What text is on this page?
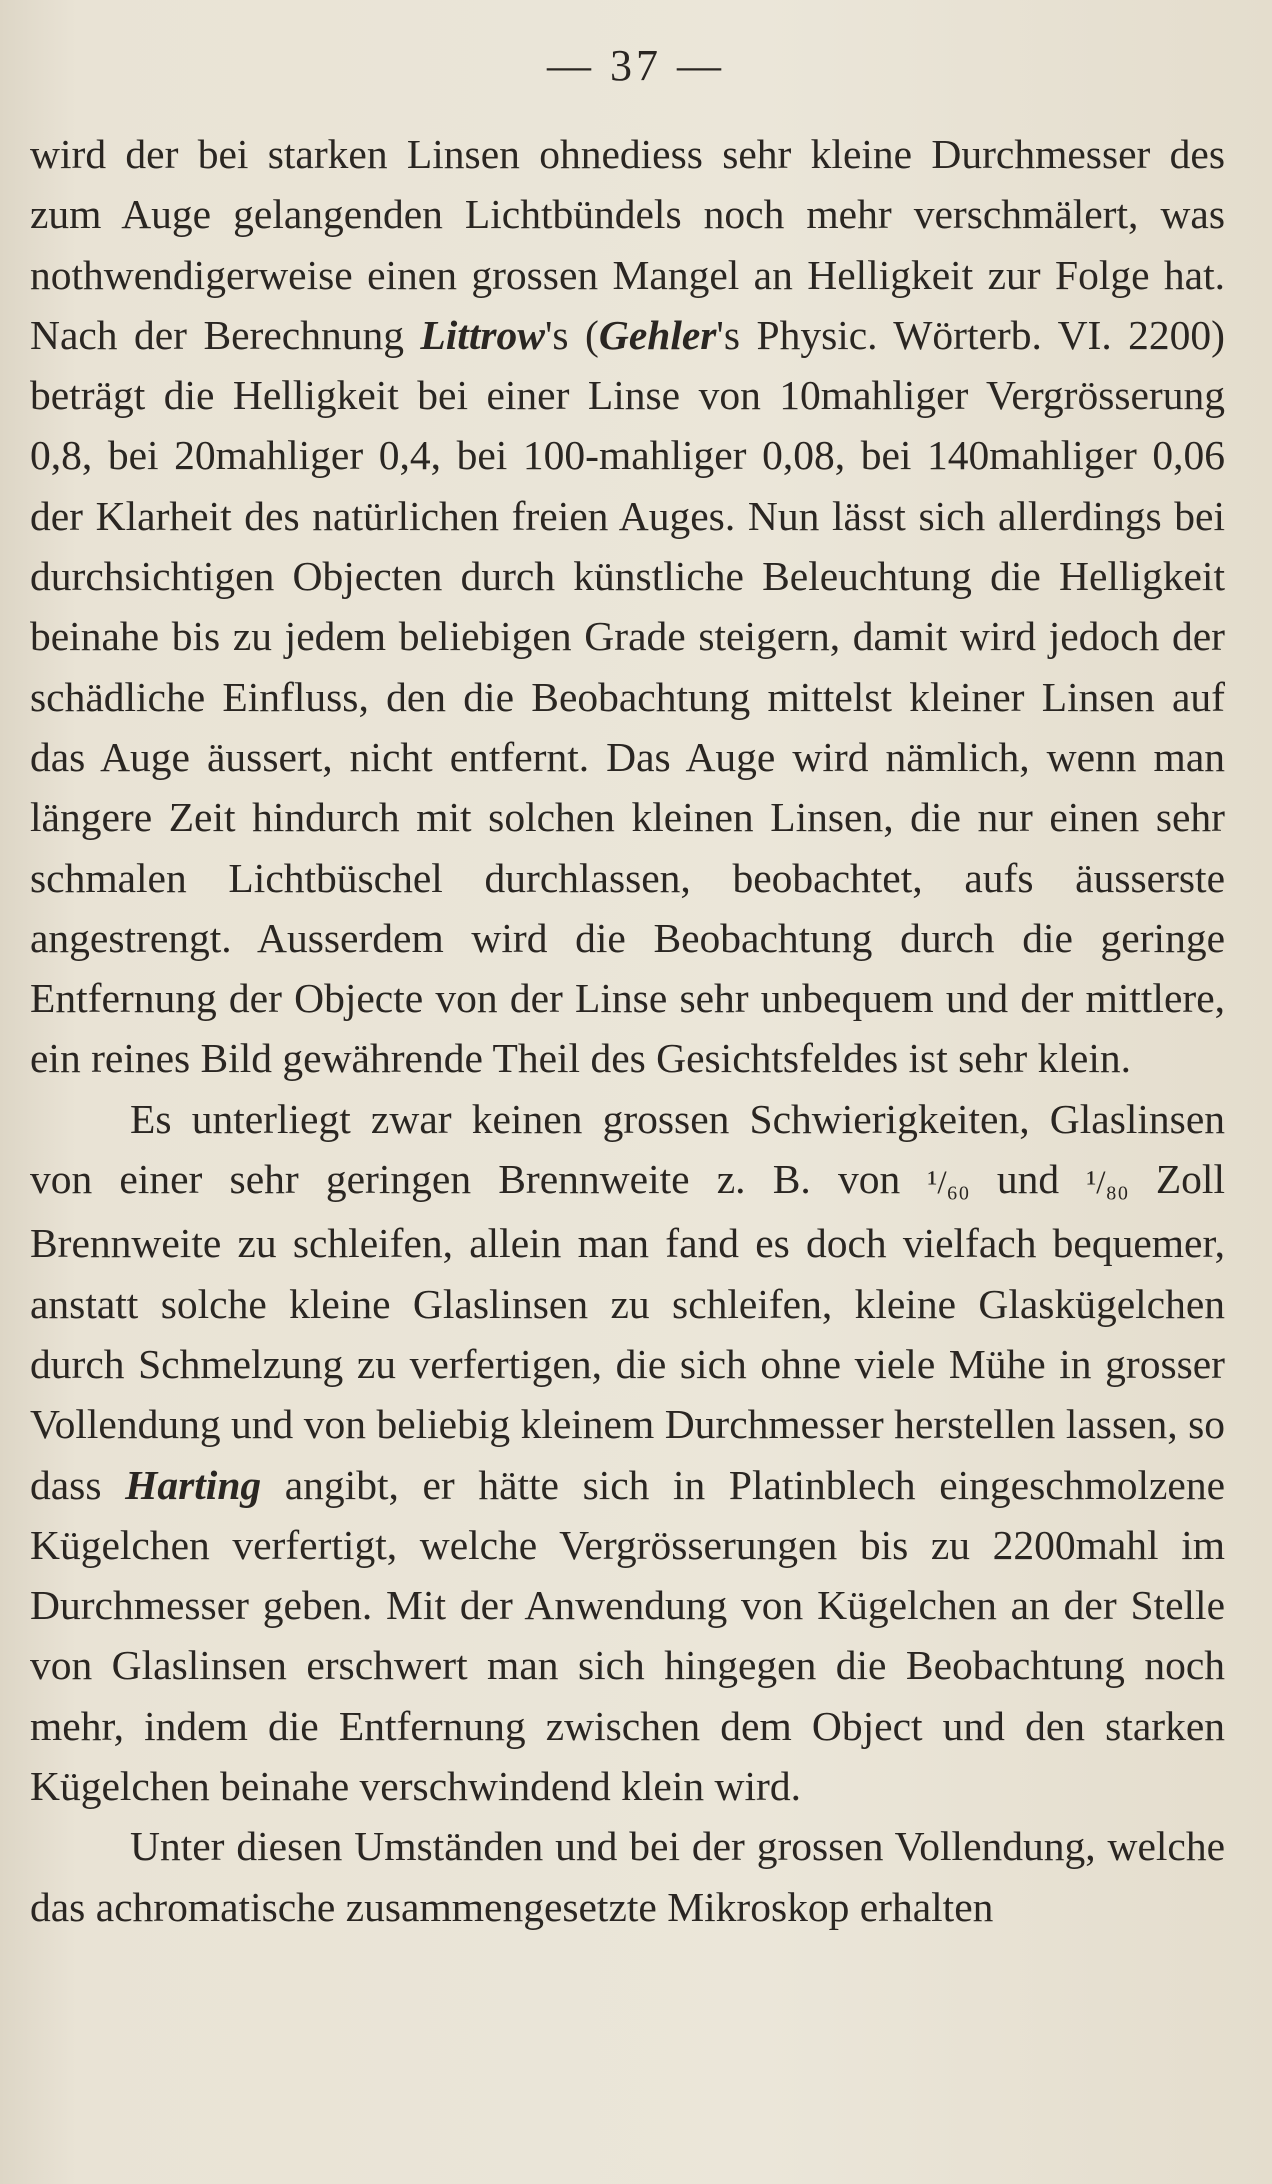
— 37 —

wird der bei starken Linsen ohnediess sehr kleine Durchmesser des zum Auge gelangenden Lichtbündels noch mehr verschmälert, was nothwendigerweise einen grossen Mangel an Helligkeit zur Folge hat. Nach der Berechnung Littrow's (Gehler's Physic. Wörterb. VI. 2200) beträgt die Helligkeit bei einer Linse von 10mahliger Vergrösserung 0,8, bei 20mahliger 0,4, bei 100-mahliger 0,08, bei 140mahliger 0,06 der Klarheit des natürlichen freien Auges. Nun lässt sich allerdings bei durchsichtigen Objecten durch künstliche Beleuchtung die Helligkeit beinahe bis zu jedem beliebigen Grade steigern, damit wird jedoch der schädliche Einfluss, den die Beobachtung mittelst kleiner Linsen auf das Auge äussert, nicht entfernt. Das Auge wird nämlich, wenn man längere Zeit hindurch mit solchen kleinen Linsen, die nur einen sehr schmalen Lichtbüschel durchlassen, beobachtet, aufs äusserste angestrengt. Ausserdem wird die Beobachtung durch die geringe Entfernung der Objecte von der Linse sehr unbequem und der mittlere, ein reines Bild gewährende Theil des Gesichtsfeldes ist sehr klein.

Es unterliegt zwar keinen grossen Schwierigkeiten, Glaslinsen von einer sehr geringen Brennweite z. B. von ¹/₆₀ und ¹/₈₀ Zoll Brennweite zu schleifen, allein man fand es doch vielfach bequemer, anstatt solche kleine Glaslinsen zu schleifen, kleine Glaskügelchen durch Schmelzung zu verfertigen, die sich ohne viele Mühe in grosser Vollendung und von beliebig kleinem Durchmesser herstellen lassen, so dass Harting angibt, er hätte sich in Platinblech eingeschmolzene Kügelchen verfertigt, welche Vergrösserungen bis zu 2200mahl im Durchmesser geben. Mit der Anwendung von Kügelchen an der Stelle von Glaslinsen erschwert man sich hingegen die Beobachtung noch mehr, indem die Entfernung zwischen dem Object und den starken Kügelchen beinahe verschwindend klein wird.

Unter diesen Umständen und bei der grossen Vollendung, welche das achromatische zusammengesetzte Mikroskop erhalten
